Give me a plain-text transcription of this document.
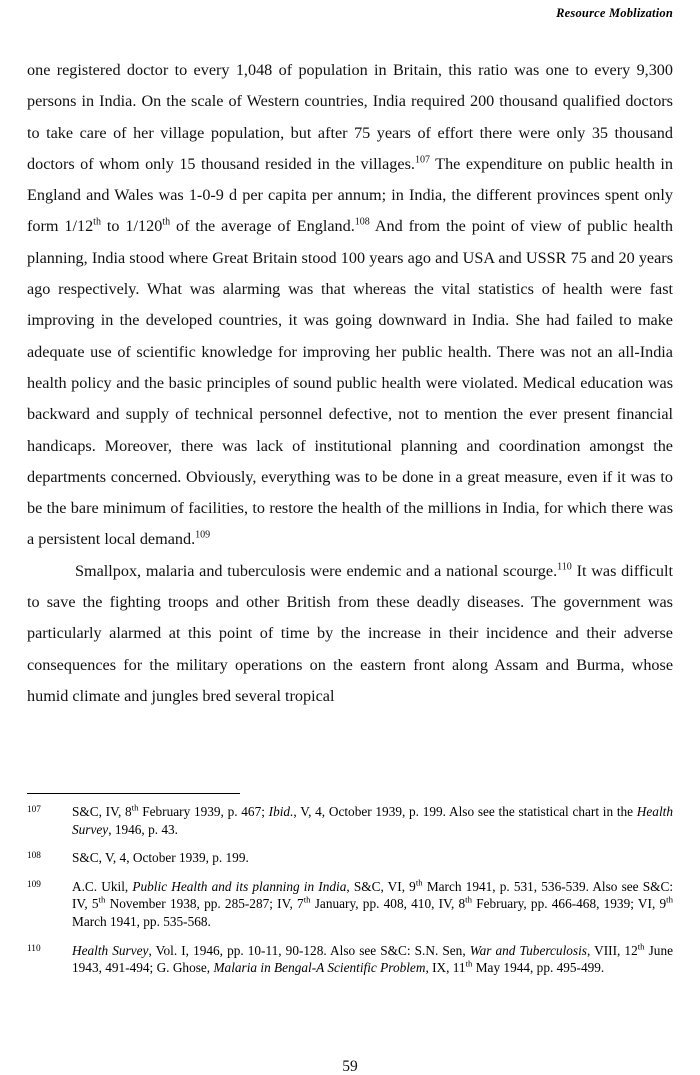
Resource Moblization

one registered doctor to every 1,048 of population in Britain, this ratio was one to every 9,300 persons in India. On the scale of Western countries, India required 200 thousand qualified doctors to take care of her village population, but after 75 years of effort there were only 35 thousand doctors of whom only 15 thousand resided in the villages.$^{107}$ The expenditure on public health in England and Wales was 1-0-9 d per capita per annum; in India, the different provinces spent only form 1/12th to 1/120th of the average of England.$^{108}$ And from the point of view of public health planning, India stood where Great Britain stood 100 years ago and USA and USSR 75 and 20 years ago respectively. What was alarming was that whereas the vital statistics of health were fast improving in the developed countries, it was going downward in India. She had failed to make adequate use of scientific knowledge for improving her public health. There was not an all-India health policy and the basic principles of sound public health were violated. Medical education was backward and supply of technical personnel defective, not to mention the ever present financial handicaps. Moreover, there was lack of institutional planning and coordination amongst the departments concerned. Obviously, everything was to be done in a great measure, even if it was to be the bare minimum of facilities, to restore the health of the millions in India, for which there was a persistent local demand.$^{109}$

Smallpox, malaria and tuberculosis were endemic and a national scourge.$^{110}$ It was difficult to save the fighting troops and other British from these deadly diseases. The government was particularly alarmed at this point of time by the increase in their incidence and their adverse consequences for the military operations on the eastern front along Assam and Burma, whose humid climate and jungles bred several tropical

107	S&C, IV, 8th February 1939, p. 467; Ibid., V, 4, October 1939, p. 199. Also see the statistical chart in the Health Survey, 1946, p. 43.
108	S&C, V, 4, October 1939, p. 199.
109	A.C. Ukil, Public Health and its planning in India, S&C, VI, 9th March 1941, p. 531, 536-539. Also see S&C: IV, 5th November 1938, pp. 285-287; IV, 7th January, pp. 408, 410, IV, 8th February, pp. 466-468, 1939; VI, 9th March 1941, pp. 535-568.
110	Health Survey, Vol. I, 1946, pp. 10-11, 90-128. Also see S&C: S.N. Sen, War and Tuberculosis, VIII, 12th June 1943, 491-494; G. Ghose, Malaria in Bengal-A Scientific Problem, IX, 11th May 1944, pp. 495-499.
59
